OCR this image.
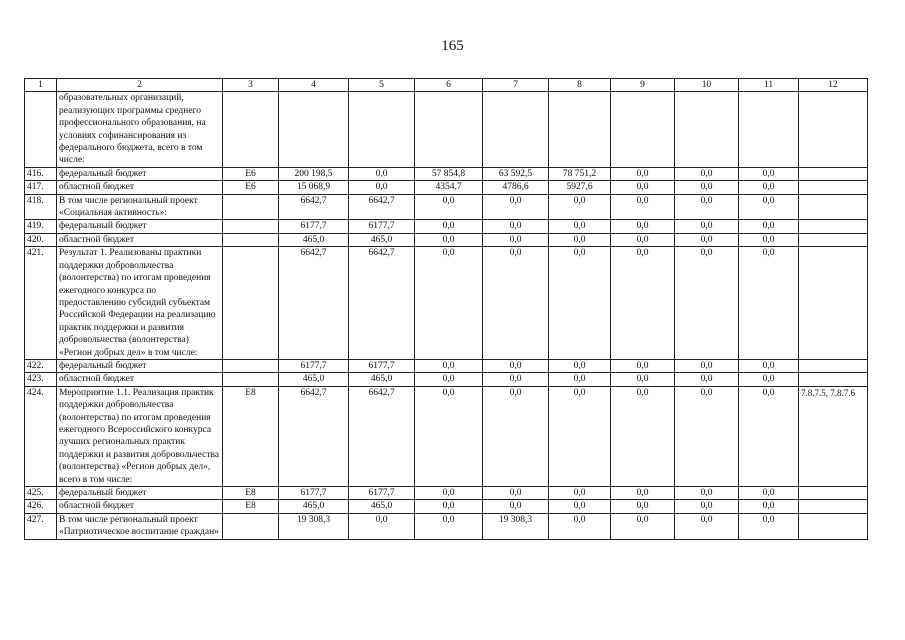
165
1	2	3	4	5	6	7	8	9	10	11	12
	образовательных организаций, реализующих программы среднего профессионального образования, на условиях софинансирования из федерального бюджета, всего в том числе:										
416.	федеральный бюджет	Е6	200 198,5	0,0	57 854,8	63 592,5	78 751,2	0,0	0,0	0,0	
417.	областной бюджет	Е6	15 068,9	0,0	4354,7	4786,6	5927,6	0,0	0,0	0,0	
418.	В том числе региональный проект «Социальная активность»:		6642,7	6642,7	0,0	0,0	0,0	0,0	0,0	0,0	
419.	федеральный бюджет		6177,7	6177,7	0,0	0,0	0,0	0,0	0,0	0,0	
420.	областной бюджет		465,0	465,0	0,0	0,0	0,0	0,0	0,0	0,0	
421.	Результат 1. Реализованы практики поддержки добровольчества (волонтерства) по итогам проведения ежегодного конкурса по предоставлению субсидий субъектам Российской Федерации на реализацию практик поддержки и развития добровольчества (волонтерства) «Регион добрых дел» в том числе:		6642,7	6642,7	0,0	0,0	0,0	0,0	0,0	0,0	
422.	федеральный бюджет		6177,7	6177,7	0,0	0,0	0,0	0,0	0,0	0,0	
423.	областной бюджет		465,0	465,0	0,0	0,0	0,0	0,0	0,0	0,0	
424.	Мероприятие 1.1. Реализация практик поддержки добровольчества (волонтерства) по итогам проведения ежегодного Всероссийского конкурса лучших региональных практик поддержки и развития добровольчества (волонтерства) «Регион добрых дел», всего в том числе:	Е8	6642,7	6642,7	0,0	0,0	0,0	0,0	0,0	0,0	7.8.7.5, 7.8.7.6
425.	федеральный бюджет	Е8	6177,7	6177,7	0,0	0,0	0,0	0,0	0,0	0,0	
426.	областной бюджет	Е8	465,0	465,0	0,0	0,0	0,0	0,0	0,0	0,0	
427.	В том числе региональный проект «Патриотическое воспитание граждан»		19 308,3	0,0	0,0	19 308,3	0,0	0,0	0,0	0,0	
